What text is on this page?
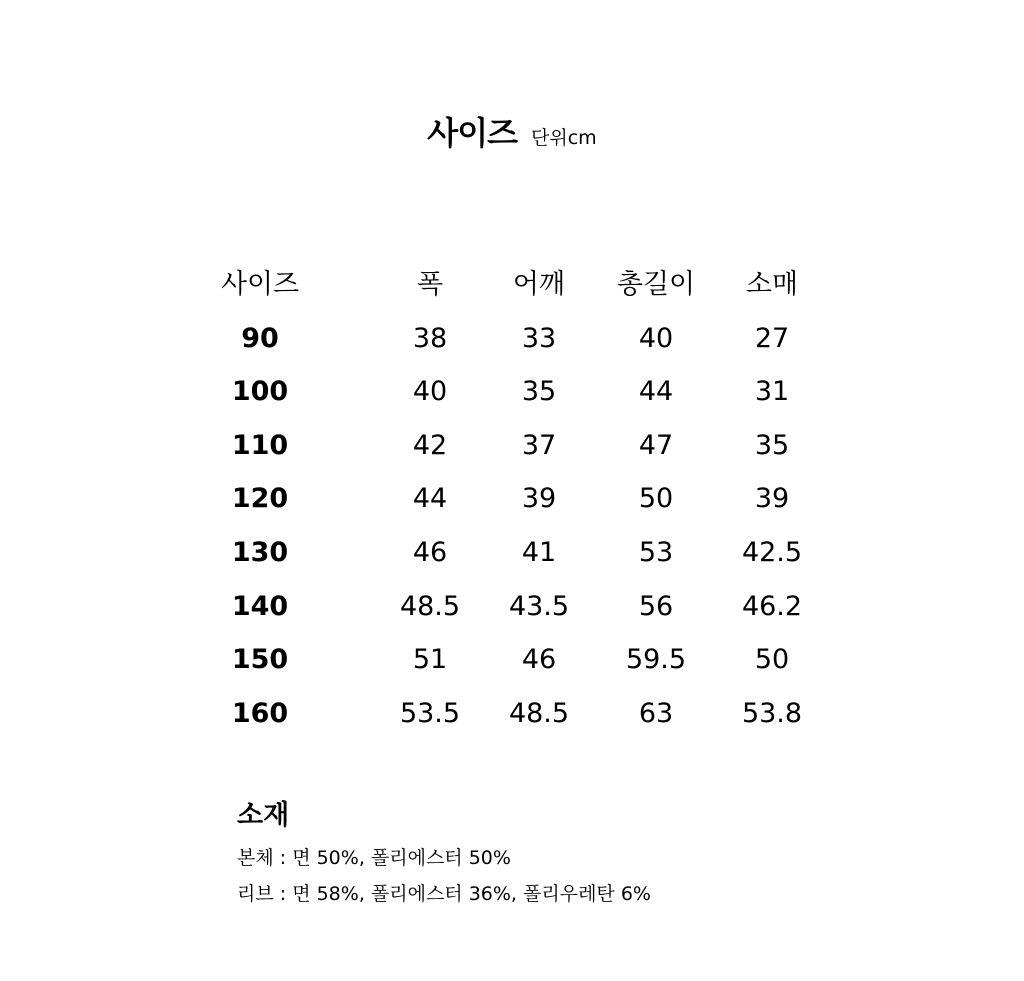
사이즈 단위cm
사이즈	폭	어깨	총길이	소매
90	38	33	40	27
100	40	35	44	31
110	42	37	47	35
120	44	39	50	39
130	46	41	53	42.5
140	48.5	43.5	56	46.2
150	51	46	59.5	50
160	53.5	48.5	63	53.8
소재
본체 : 면 50%, 폴리에스터 50%
리브 : 면 58%, 폴리에스터 36%, 폴리우레탄 6%
